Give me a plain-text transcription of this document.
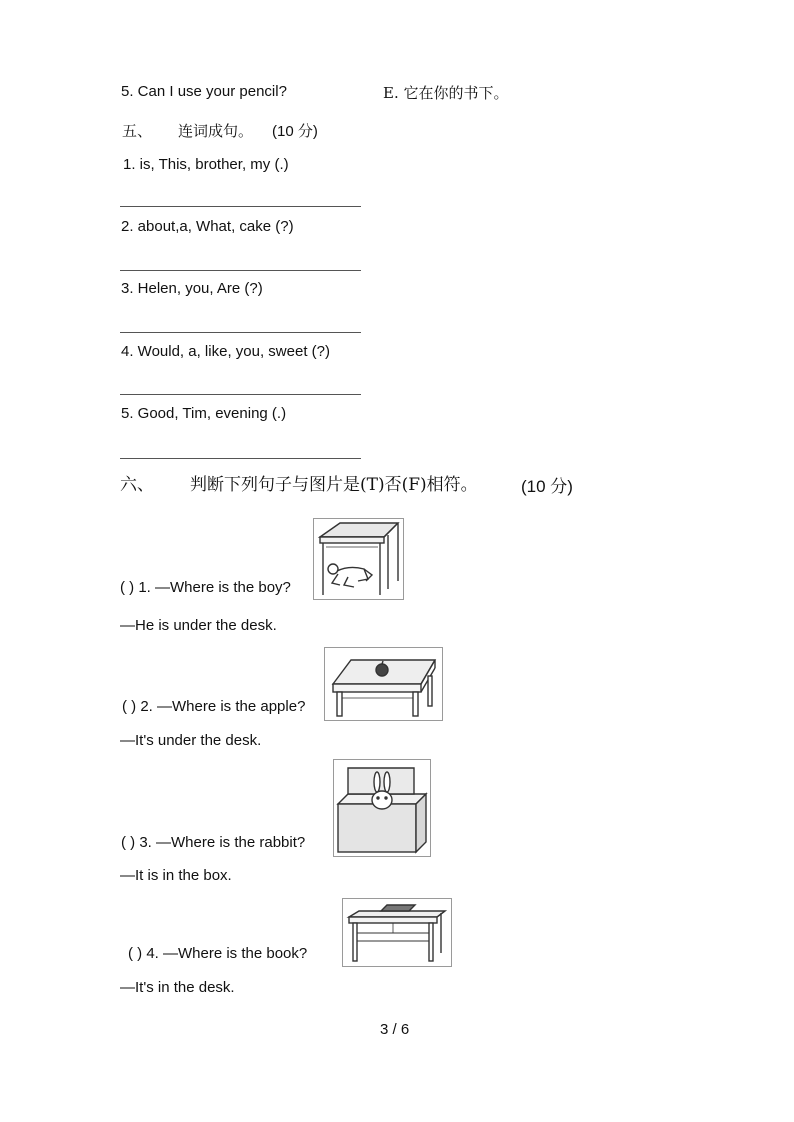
5. Can I use your pencil?	E. 它在你的书下。
五、 连词成句。 (10 分)
1. is, This, brother, my (.)
2. about,a, What, cake (?)
3. Helen, you, Are (?)
4. Would, a, like, you, sweet (?)
5. Good, Tim, evening (.)
六、 判断下列句子与图片是(T)否(F)相符。	(10 分)
( ) 1. —Where is the boy?
—He is under the desk.
( ) 2. —Where is the apple?
—It's under the desk.
( ) 3. —Where is the rabbit?
—It is in the box.
( ) 4. —Where is the book?
—It's in the desk.
3 / 6
